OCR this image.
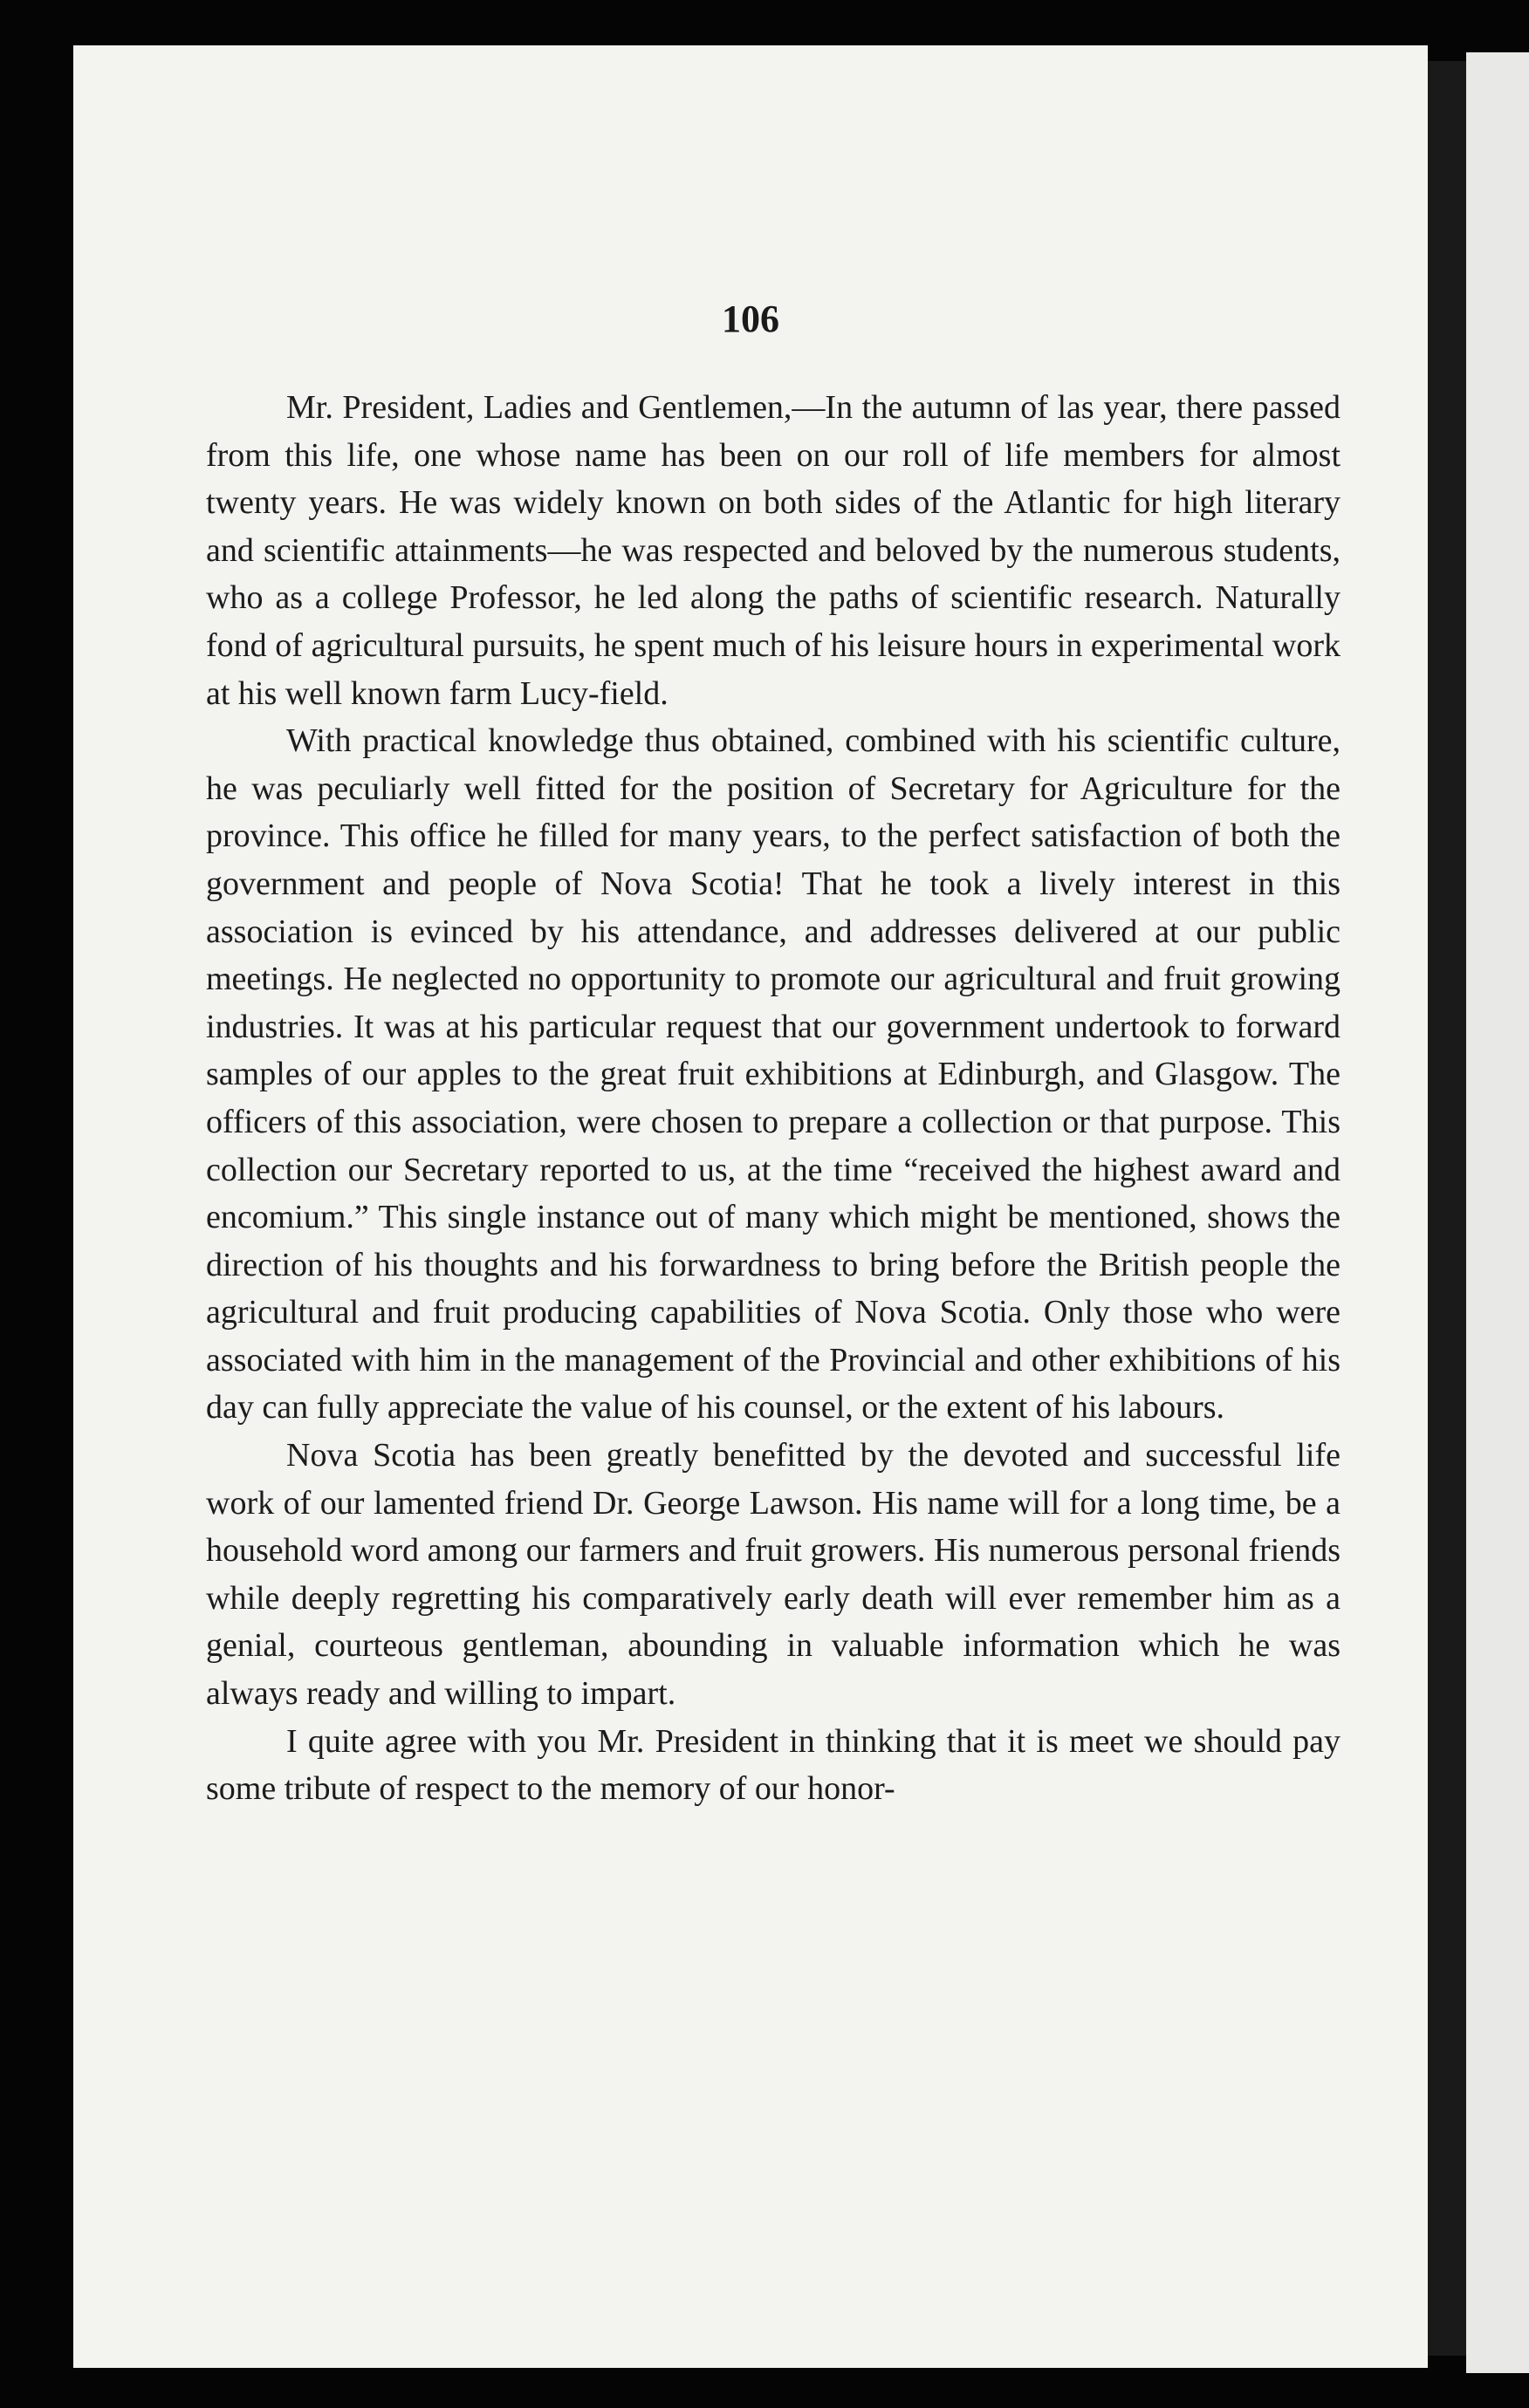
106

Mr. President, Ladies and Gentlemen,—In the autumn of las year, there passed from this life, one whose name has been on our roll of life members for almost twenty years. He was widely known on both sides of the Atlantic for high literary and scientific attainments—he was respected and beloved by the numerous students, who as a college Professor, he led along the paths of scientific research. Naturally fond of agricultural pursuits, he spent much of his leisure hours in experimental work at his well known farm Lucy-field.

With practical knowledge thus obtained, combined with his scientific culture, he was peculiarly well fitted for the position of Secretary for Agriculture for the province. This office he filled for many years, to the perfect satisfaction of both the government and people of Nova Scotia! That he took a lively interest in this association is evinced by his attendance, and addresses delivered at our public meetings. He neglected no opportunity to promote our agricultural and fruit growing industries. It was at his particular request that our government undertook to forward samples of our apples to the great fruit exhibitions at Edinburgh, and Glasgow. The officers of this association, were chosen to prepare a collection or that purpose. This collection our Secretary reported to us, at the time “received the highest award and encomium.” This single instance out of many which might be mentioned, shows the direction of his thoughts and his forwardness to bring before the British people the agricultural and fruit producing capabilities of Nova Scotia. Only those who were associated with him in the management of the Provincial and other exhibitions of his day can fully appreciate the value of his counsel, or the extent of his labours.

Nova Scotia has been greatly benefitted by the devoted and successful life work of our lamented friend Dr. George Lawson. His name will for a long time, be a household word among our farmers and fruit growers. His numerous personal friends while deeply regretting his comparatively early death will ever remember him as a genial, courteous gentleman, abounding in valuable information which he was always ready and willing to impart.

I quite agree with you Mr. President in thinking that it is meet we should pay some tribute of respect to the memory of our honor-
